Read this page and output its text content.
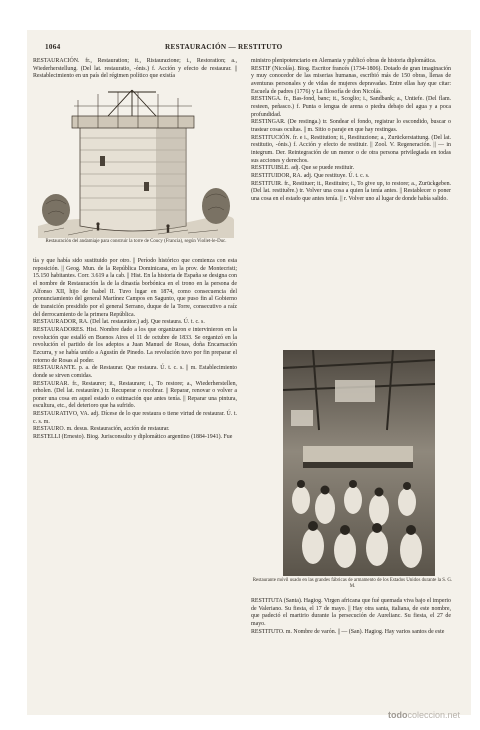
1064	RESTAURACIÓN — RESTITUTO
Restauración del andamiaje para construir la torre de Coucy (Francia), según Viollet-le-Duc.

RESTAURACIÓN. fr., Restauration; it., Ristaurazione; i., Restoration; a., Wiederherstellung. (Del lat. restauratio, -ónis.) f. Acción y efecto de restaurar. || Restablecimiento en un país del régimen político que existía

tía y que había sido sustituido por otro. || Período histórico que comienza con esta reposición. || Geog. Mun. de la República Dominicana, en la prov. de Montecristi; 15.150 habitantes. Corr. 3.619 a la cab. || Hist. En la historia de España se designa con el nombre de Restauración la de la dinastía borbónica en el trono en la persona de Alfonso XII, hijo de Isabel II. Tuvo lugar en 1874, como consecuencia del pronunciamiento del general Martínez Campos en Sagunto, que puso fin al Gobierno de transición presidido por el general Serrano, duque de la Torre, consecutivo a raíz del derrocamiento de la primera República.

RESTAURADOR, RA. (Del lat. restaurātor.) adj. Que restaura. Ú. t. c. s.

RESTAURADORES. Hist. Nombre dado a los que organizaron e intervinieron en la revolución que estalló en Buenos Aires el 11 de octubre de 1833. Se organizó en la revolución el partido de los adeptos a Juan Manuel de Rosas, doña Encarnación Ezcurra, y se había unido a Agustín de Pinedo. La revolución tuvo por fin preparar el retorno de Rosas al poder.

RESTAURANTE. p. a. de Restaurar. Que restaura. Ú. t. c. s. || m. Establecimiento donde se sirven comidas.

RESTAURAR. fr., Restaurer; it., Restaurare; i., To restore; a., Wiederherstellen, erholen. (Del lat. restaurāre.) tr. Recuperar o recobrar. || Reparar, renovar o volver a poner una cosa en aquel estado o estimación que antes tenía. || Reparar una pintura, escultura, etc., del deterioro que ha sufrido.

RESTAURATIVO, VA. adj. Dícese de lo que restaura o tiene virtud de restaurar. Ú. t. c. s. m.

RESTAURO. m. desus. Restauración, acción de restaurar.

RESTELLI (Ernesto). Biog. Jurisconsulto y diplomático argentino (1884-1941). Fue

ministro plenipotenciario en Alemania y publicó obras de historia diplomática.

RESTIF (Nicolás). Biog. Escritor francés (1734-1806). Dotado de gran imaginación y muy conocedor de las miserias humanas, escribió más de 150 obras, llenas de aventuras personales y de vidas de mujeres depravadas. Entre ellas hay que citar: Escuela de padres (1776) y La filosofía de don Nicolás.

RESTINGA. fr., Bas-fond, banc; it., Scoglio; i., Sandbank; a., Untiefe. (Del flam. resteen, peñasco.) f. Punta o lengua de arena o piedra debajo del agua y a poca profundidad.

RESTINGAR. (De restinga.) tr. Sondear el fondo, registrar lo escondido, buscar o trastear cosas ocultas. || m. Sitio o paraje en que hay restingas.

RESTITUCIÓN. fr. e i., Restitution; it., Restituzione; a., Zurückerstattung. (Del lat. restitutio, -ónis.) f. Acción y efecto de restituir. || Zool. V. Regeneración. || — in integrum. Der. Reintegración de un menor o de otra persona privilegiada en todas sus acciones y derechos.

RESTITUIBLE. adj. Que se puede restituir.

RESTITUIDOR, RA. adj. Que restituye. Ú. t. c. s.

RESTITUIR. fr., Restituer; it., Restituire; i., To give up, to restore; a., Zurückgeben. (Del lat. restituĕre.) tr. Volver una cosa a quien la tenía antes. || Restablecer o poner una cosa en el estado que antes tenía. || r. Volver uno al lugar de donde había salido.

Restaurante móvil usado en las grandes fábricas de armamento de los Estados Unidos durante la S. G. M.

RESTITUTA (Santa). Hagiog. Virgen africana que fué quemada viva bajo el imperio de Valeriano. Su fiesta, el 17 de mayo. || Hay otra santa, italiana, de este nombre, que padeció el martirio durante la persecución de Aurelianc. Su fiesta, el 27 de mayo.

RESTITUTO. m. Nombre de varón. || — (San). Hagiog. Hay varios santos de este

todocoleccion.net
